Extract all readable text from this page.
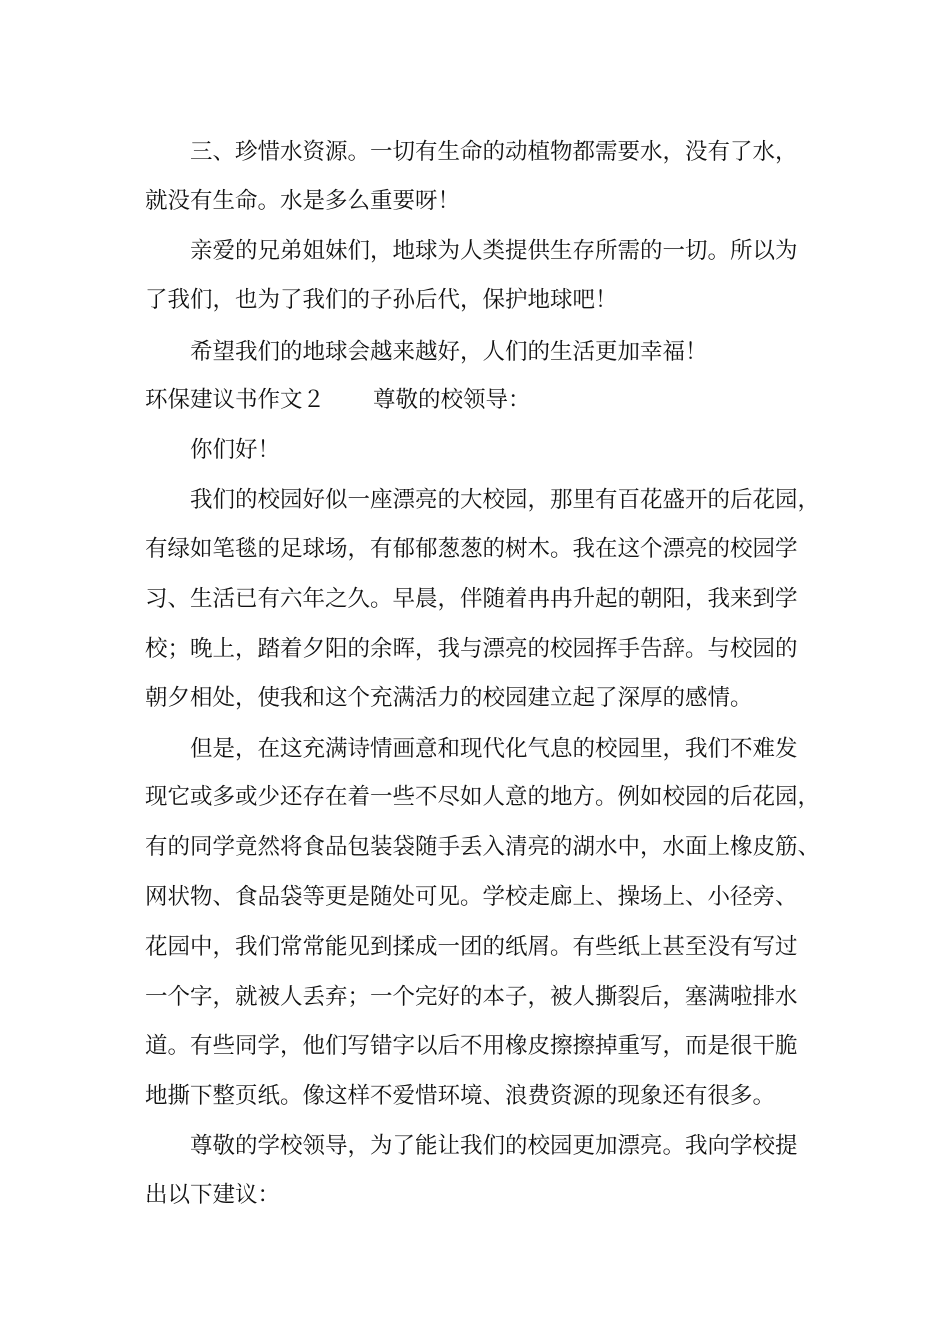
三、珍惜水资源。一切有生命的动植物都需要水，没有了水，
就没有生命。水是多么重要呀！
亲爱的兄弟姐妹们，地球为人类提供生存所需的一切。所以为
了我们，也为了我们的子孙后代，保护地球吧！
希望我们的地球会越来越好，人们的生活更加幸福！
环保建议书作文２ 尊敬的校领导：
你们好！
我们的校园好似一座漂亮的大校园，那里有百花盛开的后花园，
有绿如笔毯的足球场，有郁郁葱葱的树木。我在这个漂亮的校园学
习、生活已有六年之久。早晨，伴随着冉冉升起的朝阳，我来到学
校；晚上，踏着夕阳的余晖，我与漂亮的校园挥手告辞。与校园的
朝夕相处，使我和这个充满活力的校园建立起了深厚的感情。
但是，在这充满诗情画意和现代化气息的校园里，我们不难发
现它或多或少还存在着一些不尽如人意的地方。例如校园的后花园，
有的同学竟然将食品包装袋随手丢入清亮的湖水中，水面上橡皮筋、
网状物、食品袋等更是随处可见。学校走廊上、操场上、小径旁、
花园中，我们常常能见到揉成一团的纸屑。有些纸上甚至没有写过
一个字，就被人丢弃；一个完好的本子，被人撕裂后，塞满啦排水
道。有些同学，他们写错字以后不用橡皮擦擦掉重写，而是很干脆
地撕下整页纸。像这样不爱惜环境、浪费资源的现象还有很多。
尊敬的学校领导，为了能让我们的校园更加漂亮。我向学校提
出以下建议：
